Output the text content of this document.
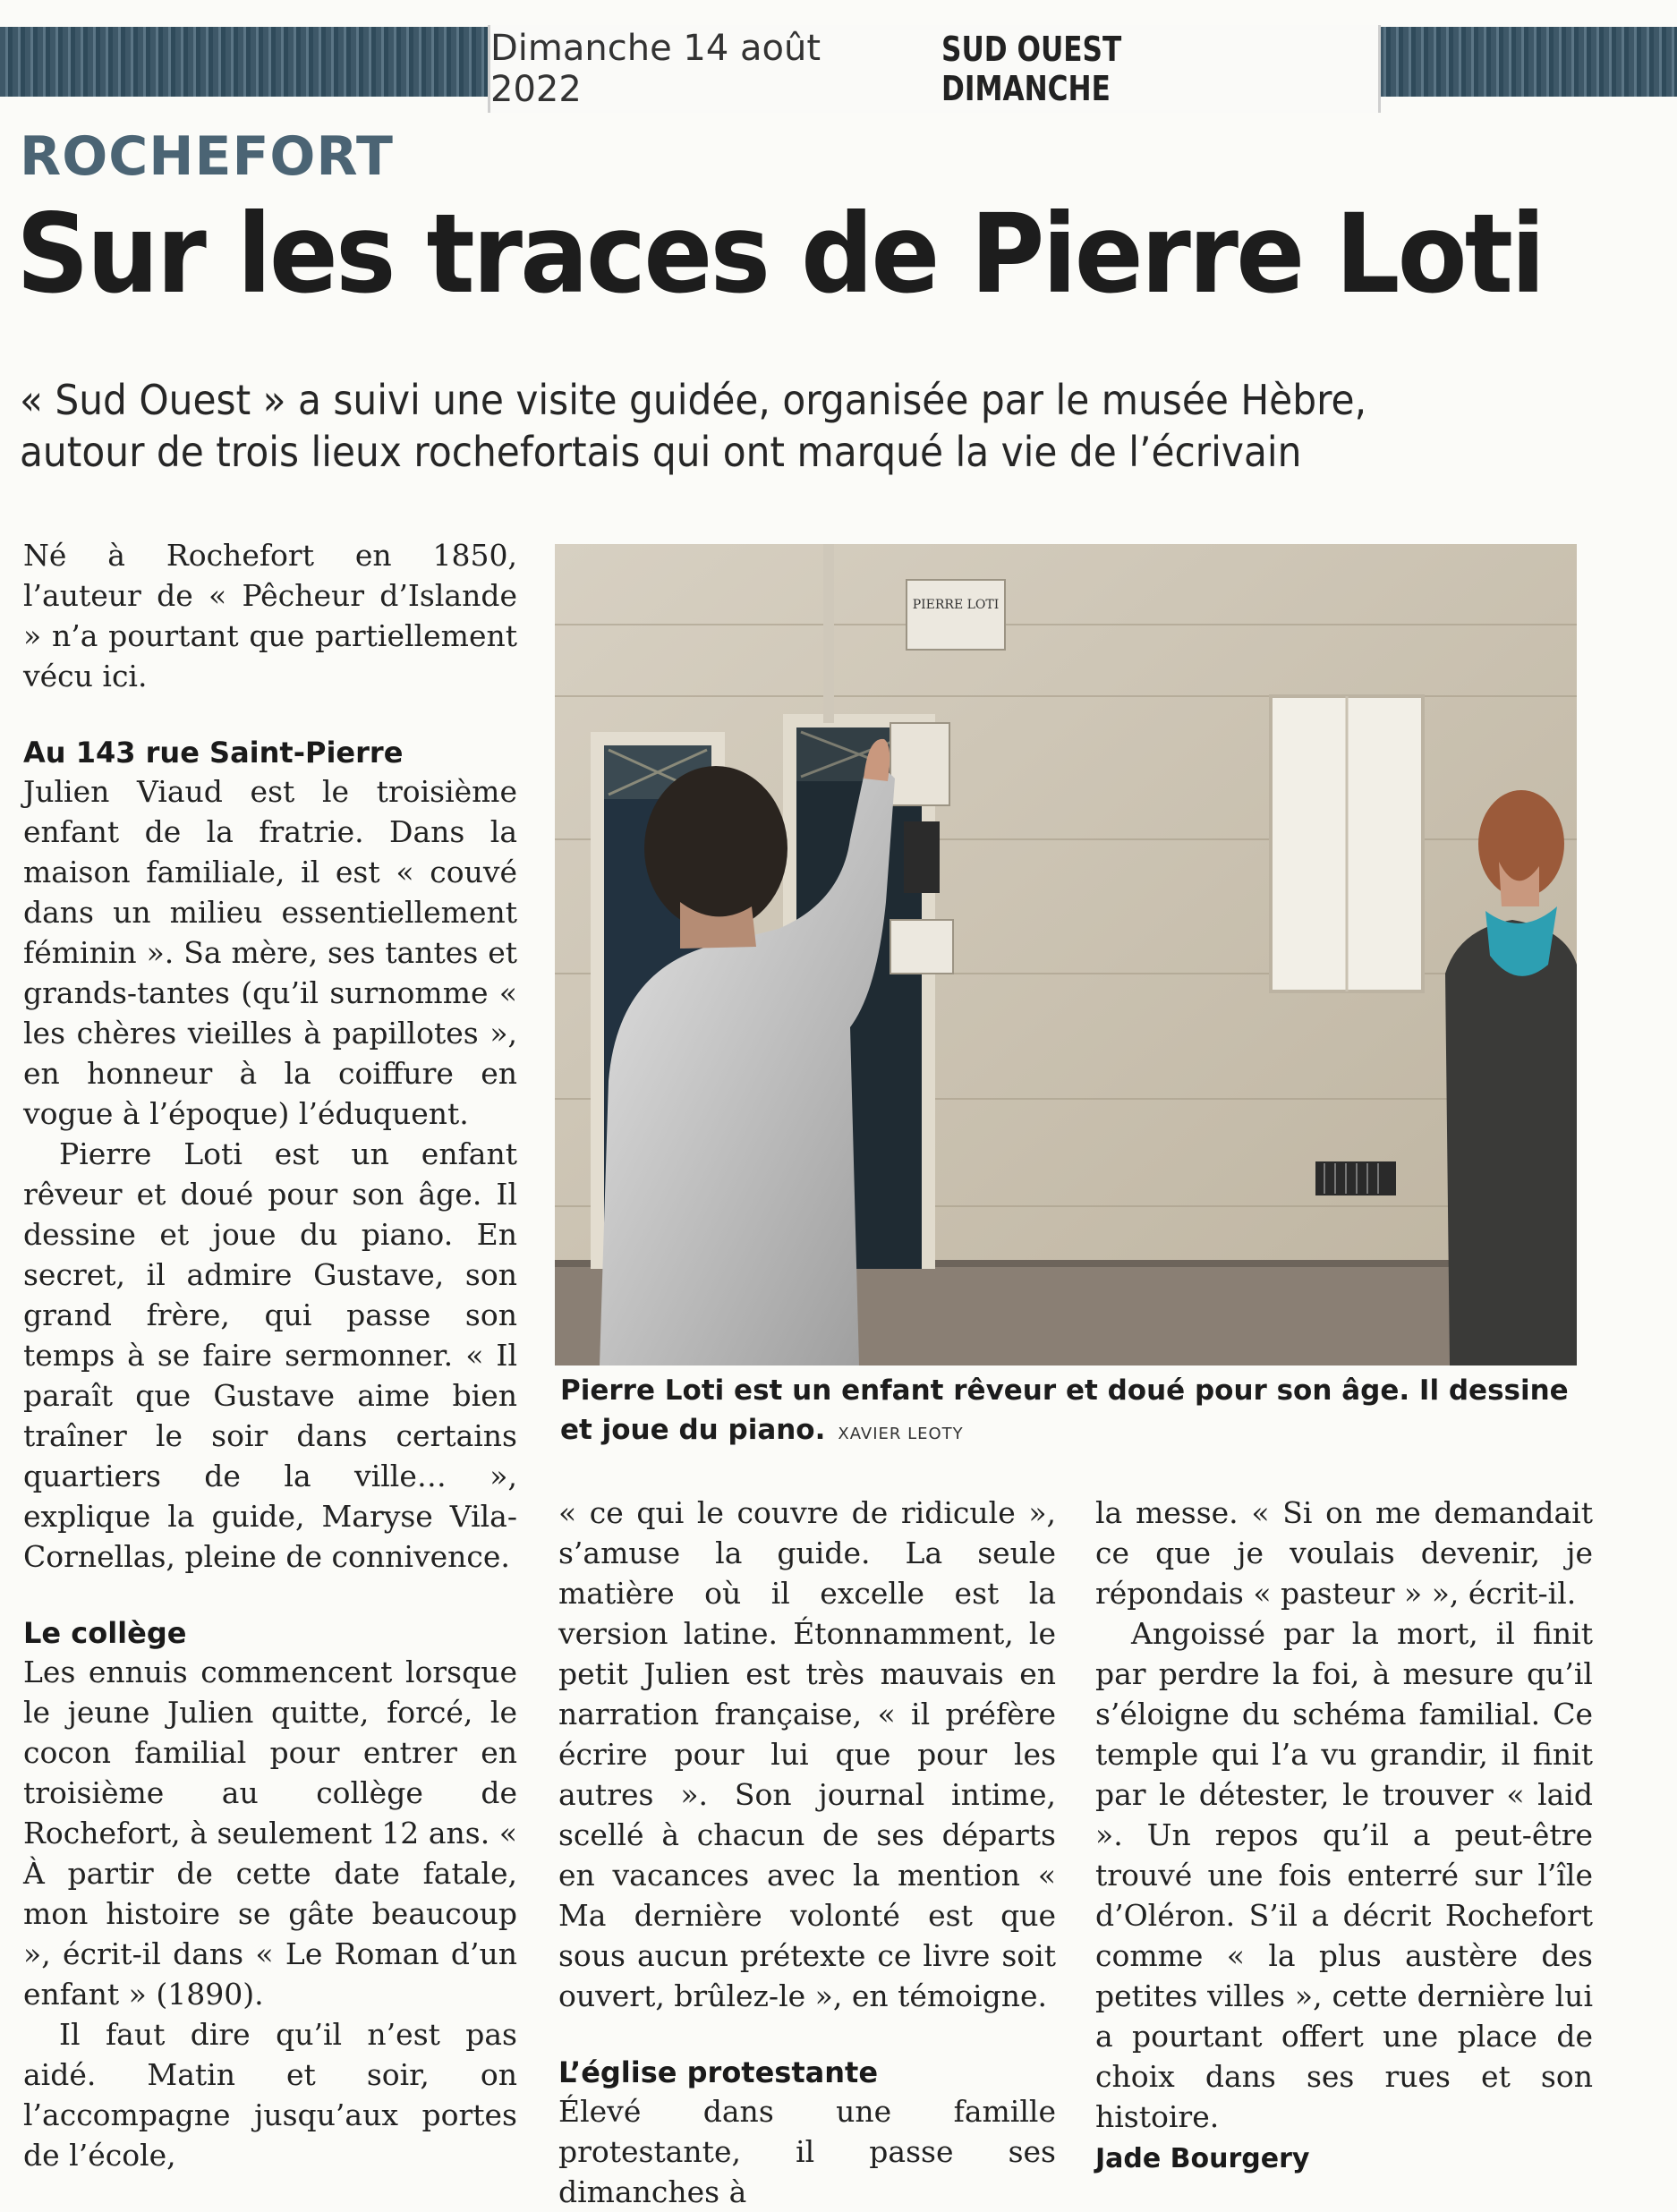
Dimanche 14 août 2022
SUD OUEST DIMANCHE
ROCHEFORT
Sur les traces de Pierre Loti
« Sud Ouest » a suivi une visite guidée, organisée par le musée Hèbre, autour de trois lieux rochefortais qui ont marqué la vie de l’écrivain

Né à Rochefort en 1850, l’auteur de « Pêcheur d’Islande » n’a pourtant que partiellement vécu ici.

Au 143 rue Saint-Pierre

Julien Viaud est le troisième enfant de la fratrie. Dans la maison familiale, il est « couvé dans un milieu essentiellement féminin ». Sa mère, ses tantes et grands-tantes (qu’il surnomme « les chères vieilles à papillotes », en honneur à la coiffure en vogue à l’époque) l’éduquent.

Pierre Loti est un enfant rêveur et doué pour son âge. Il dessine et joue du piano. En secret, il admire Gustave, son grand frère, qui passe son temps à se faire sermonner. « Il paraît que Gustave aime bien traîner le soir dans certains quartiers de la ville… », explique la guide, Maryse Vila-Cornellas, pleine de connivence.

Le collège

Les ennuis commencent lorsque le jeune Julien quitte, forcé, le cocon familial pour entrer en troisième au collège de Rochefort, à seulement 12 ans. « À partir de cette date fatale, mon histoire se gâte beaucoup », écrit-il dans « Le Roman d’un enfant » (1890).

Il faut dire qu’il n’est pas aidé. Matin et soir, on l’accompagne jusqu’aux portes de l’école,

PIERRE LOTI
Pierre Loti est un enfant rêveur et doué pour son âge. Il dessine et joue du piano. XAVIER LEOTY

« ce qui le couvre de ridicule », s’amuse la guide. La seule matière où il excelle est la version latine. Étonnamment, le petit Julien est très mauvais en narration française, « il préfère écrire pour lui que pour les autres ». Son journal intime, scellé à chacun de ses départs en vacances avec la mention « Ma dernière volonté est que sous aucun prétexte ce livre soit ouvert, brûlez-le », en témoigne.

L’église protestante

Élevé dans une famille protestante, il passe ses dimanches à

la messe. « Si on me demandait ce que je voulais devenir, je répondais « pasteur » », écrit-il.

Angoissé par la mort, il finit par perdre la foi, à mesure qu’il s’éloigne du schéma familial. Ce temple qui l’a vu grandir, il finit par le détester, le trouver « laid ». Un repos qu’il a peut-être trouvé une fois enterré sur l’île d’Oléron. S’il a décrit Rochefort comme « la plus austère des petites villes », cette dernière lui a pourtant offert une place de choix dans ses rues et son histoire.

Jade Bourgery
